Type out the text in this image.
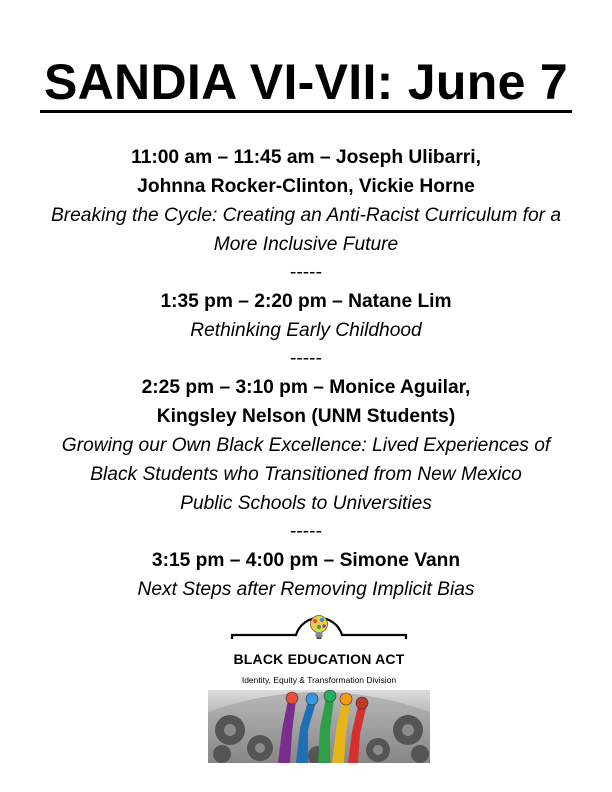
SANDIA VI-VII: June 7
11:00 am – 11:45 am – Joseph Ulibarri,
Johnna Rocker-Clinton, Vickie Horne
Breaking the Cycle: Creating an Anti-Racist Curriculum for a
More Inclusive Future
-----
1:35 pm – 2:20 pm – Natane Lim
Rethinking Early Childhood
-----
2:25 pm – 3:10 pm – Monice Aguilar,
Kingsley Nelson (UNM Students)
Growing our Own Black Excellence: Lived Experiences of
Black Students who Transitioned from New Mexico
Public Schools to Universities
-----
3:15 pm – 4:00 pm – Simone Vann
Next Steps after Removing Implicit Bias
BLACK EDUCATION ACT
Identity, Equity & Transformation Division
